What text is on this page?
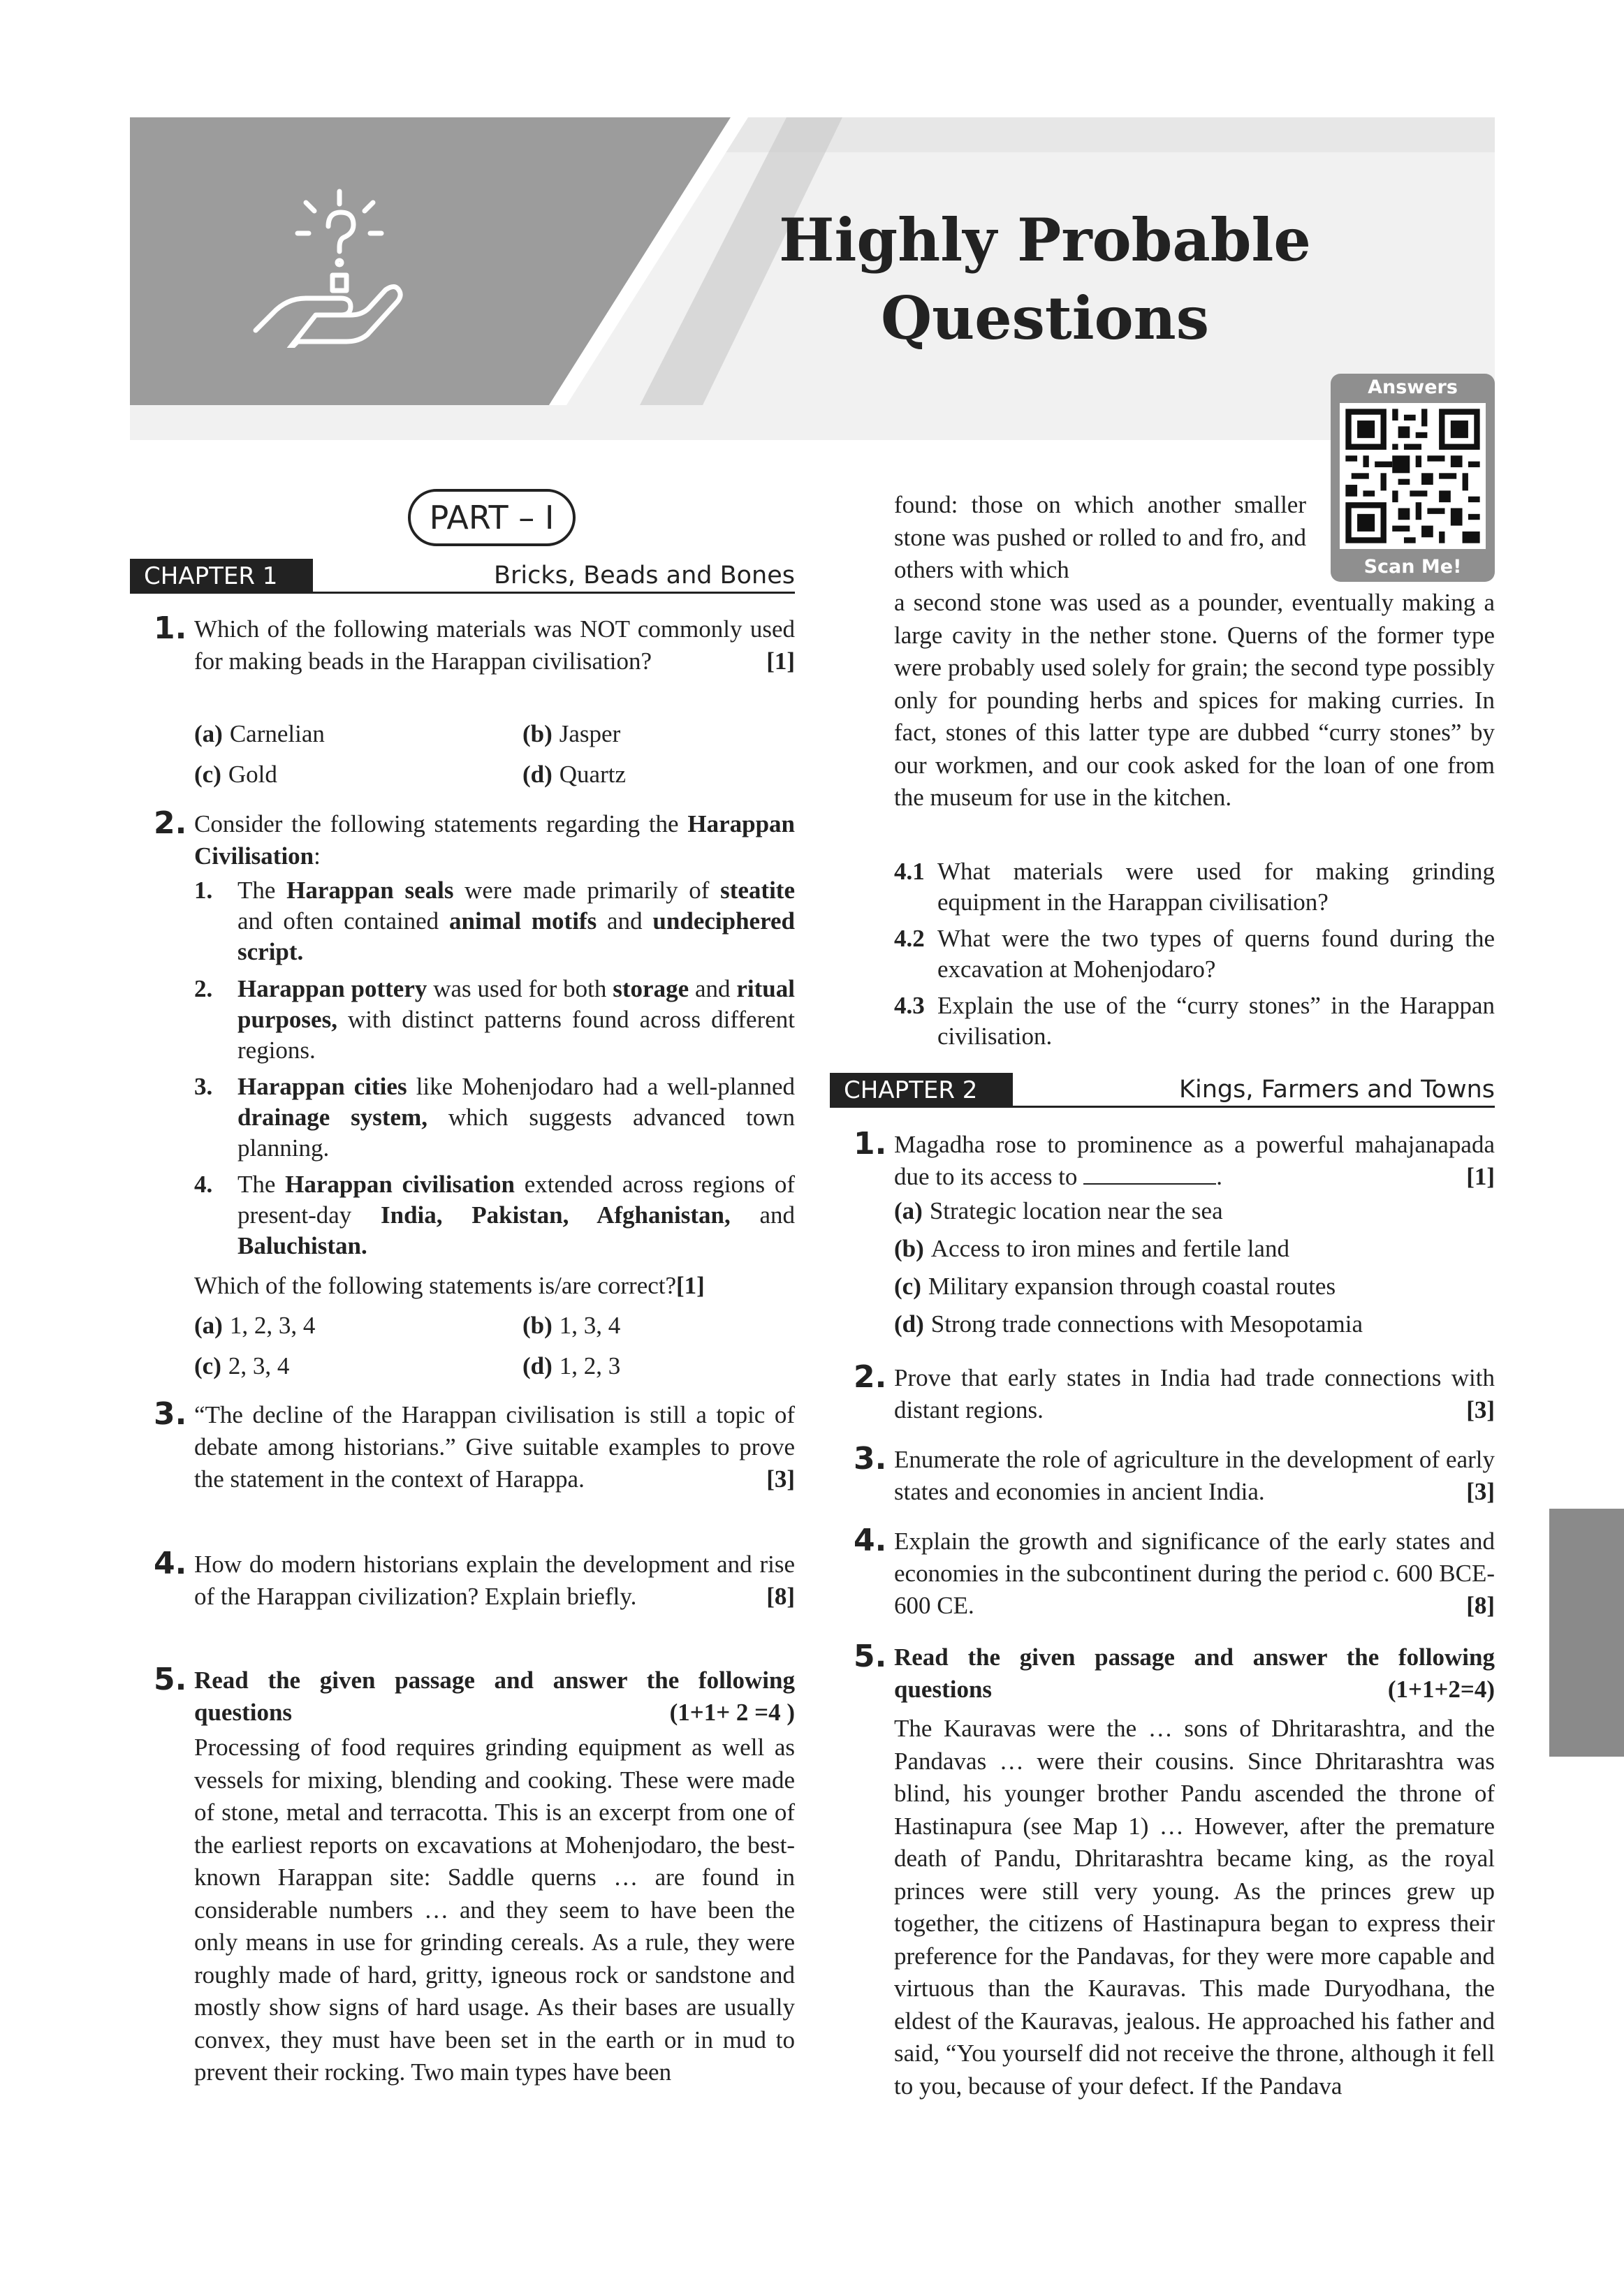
Highly Probable
Questions
Answers
Scan Me!
PART – I
CHAPTER 1	Bricks, Beads and Bones
1. Which of the following materials was NOT commonly used for making beads in the Harappan civilisation?	[1]
(a) Carnelian	(b) Jasper
(c) Gold	(d) Quartz
2. Consider the following statements regarding the Harappan Civilisation:
1. The Harappan seals were made primarily of steatite and often contained animal motifs and undeciphered script.
2. Harappan pottery was used for both storage and ritual purposes, with distinct patterns found across different regions.
3. Harappan cities like Mohenjodaro had a well-planned drainage system, which suggests advanced town planning.
4. The Harappan civilisation extended across regions of present-day India, Pakistan, Afghanistan, and Baluchistan.
Which of the following statements is/are correct?[1]
(a) 1, 2, 3, 4	(b) 1, 3, 4
(c) 2, 3, 4	(d) 1, 2, 3
3. “The decline of the Harappan civilisation is still a topic of debate among historians.” Give suitable examples to prove the statement in the context of Harappa.	[3]
4. How do modern historians explain the development and rise of the Harappan civilization? Explain briefly.	[8]
5. Read the given passage and answer the following questions	(1+1+ 2 =4 )
Processing of food requires grinding equipment as well as vessels for mixing, blending and cooking. These were made of stone, metal and terracotta. This is an excerpt from one of the earliest reports on excavations at Mohenjodaro, the best-known Harappan site: Saddle querns … are found in considerable numbers … and they seem to have been the only means in use for grinding cereals. As a rule, they were roughly made of hard, gritty, igneous rock or sandstone and mostly show signs of hard usage. As their bases are usually convex, they must have been set in the earth or in mud to prevent their rocking. Two main types have been
found: those on which another smaller stone was pushed or rolled to and fro, and others with which
a second stone was used as a pounder, eventually making a large cavity in the nether stone. Querns of the former type were probably used solely for grain; the second type possibly only for pounding herbs and spices for making curries. In fact, stones of this latter type are dubbed “curry stones” by our workmen, and our cook asked for the loan of one from the museum for use in the kitchen.
4.1 What materials were used for making grinding equipment in the Harappan civilisation?
4.2 What were the two types of querns found during the excavation at Mohenjodaro?
4.3 Explain the use of the “curry stones” in the Harappan civilisation.
CHAPTER 2	Kings, Farmers and Towns
1. Magadha rose to prominence as a powerful mahajanapada due to its access to	.	[1]
(a) Strategic location near the sea
(b) Access to iron mines and fertile land
(c) Military expansion through coastal routes
(d) Strong trade connections with Mesopotamia
2. Prove that early states in India had trade connections with distant regions.	[3]
3. Enumerate the role of agriculture in the development of early states and economies in ancient India.	[3]
4. Explain the growth and significance of the early states and economies in the subcontinent during the period c. 600 BCE-600 CE.	[8]
5. Read the given passage and answer the following questions	(1+1+2=4)
The Kauravas were the … sons of Dhritarashtra, and the Pandavas … were their cousins. Since Dhritarashtra was blind, his younger brother Pandu ascended the throne of Hastinapura (see Map 1) … However, after the premature death of Pandu, Dhritarashtra became king, as the royal princes were still very young. As the princes grew up together, the citizens of Hastinapura began to express their preference for the Pandavas, for they were more capable and virtuous than the Kauravas. This made Duryodhana, the eldest of the Kauravas, jealous. He approached his father and said, “You yourself did not receive the throne, although it fell to you, because of your defect. If the Pandava
